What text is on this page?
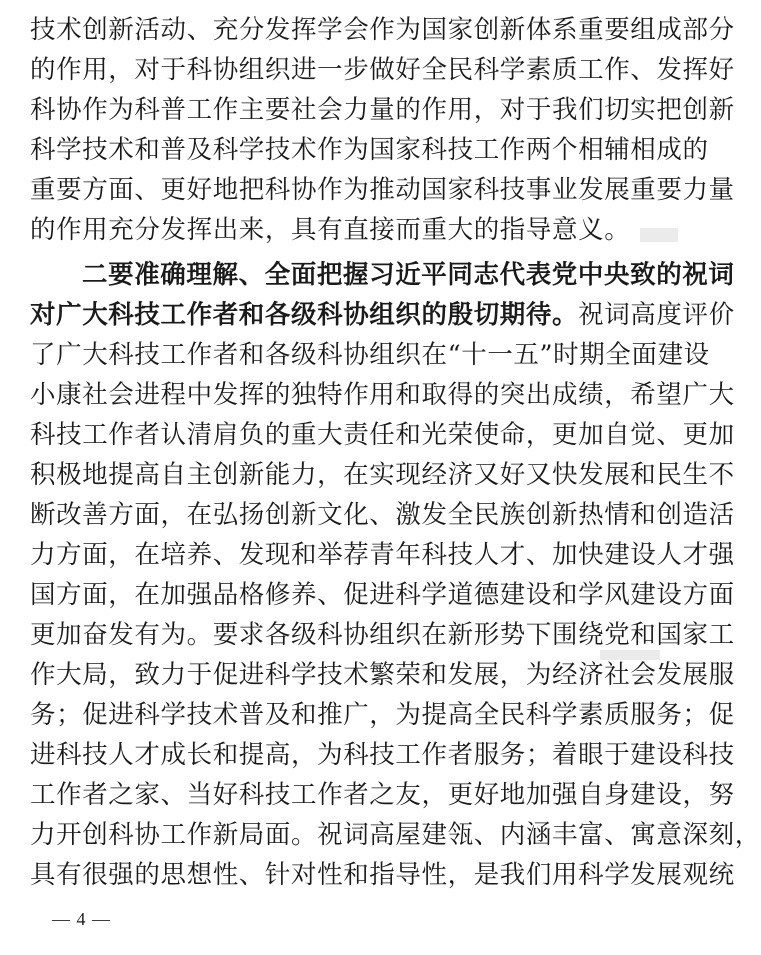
技术创新活动、充分发挥学会作为国家创新体系重要组成部分
的作用，对于科协组织进一步做好全民科学素质工作、发挥好
科协作为科普工作主要社会力量的作用，对于我们切实把创新
科学技术和普及科学技术作为国家科技工作两个相辅相成的
重要方面、更好地把科协作为推动国家科技事业发展重要力量
的作用充分发挥出来，具有直接而重大的指导意义。
二要准确理解、全面把握习近平同志代表党中央致的祝词
对广大科技工作者和各级科协组织的殷切期待。祝词高度评价
了广大科技工作者和各级科协组织在“十一五”时期全面建设
小康社会进程中发挥的独特作用和取得的突出成绩，希望广大
科技工作者认清肩负的重大责任和光荣使命，更加自觉、更加
积极地提高自主创新能力，在实现经济又好又快发展和民生不
断改善方面，在弘扬创新文化、激发全民族创新热情和创造活
力方面，在培养、发现和举荐青年科技人才、加快建设人才强
国方面，在加强品格修养、促进科学道德建设和学风建设方面
更加奋发有为。要求各级科协组织在新形势下围绕党和国家工
作大局，致力于促进科学技术繁荣和发展，为经济社会发展服
务；促进科学技术普及和推广，为提高全民科学素质服务；促
进科技人才成长和提高，为科技工作者服务；着眼于建设科技
工作者之家、当好科技工作者之友，更好地加强自身建设，努
力开创科协工作新局面。祝词高屋建瓴、内涵丰富、寓意深刻，
具有很强的思想性、针对性和指导性，是我们用科学发展观统
— 4 —
